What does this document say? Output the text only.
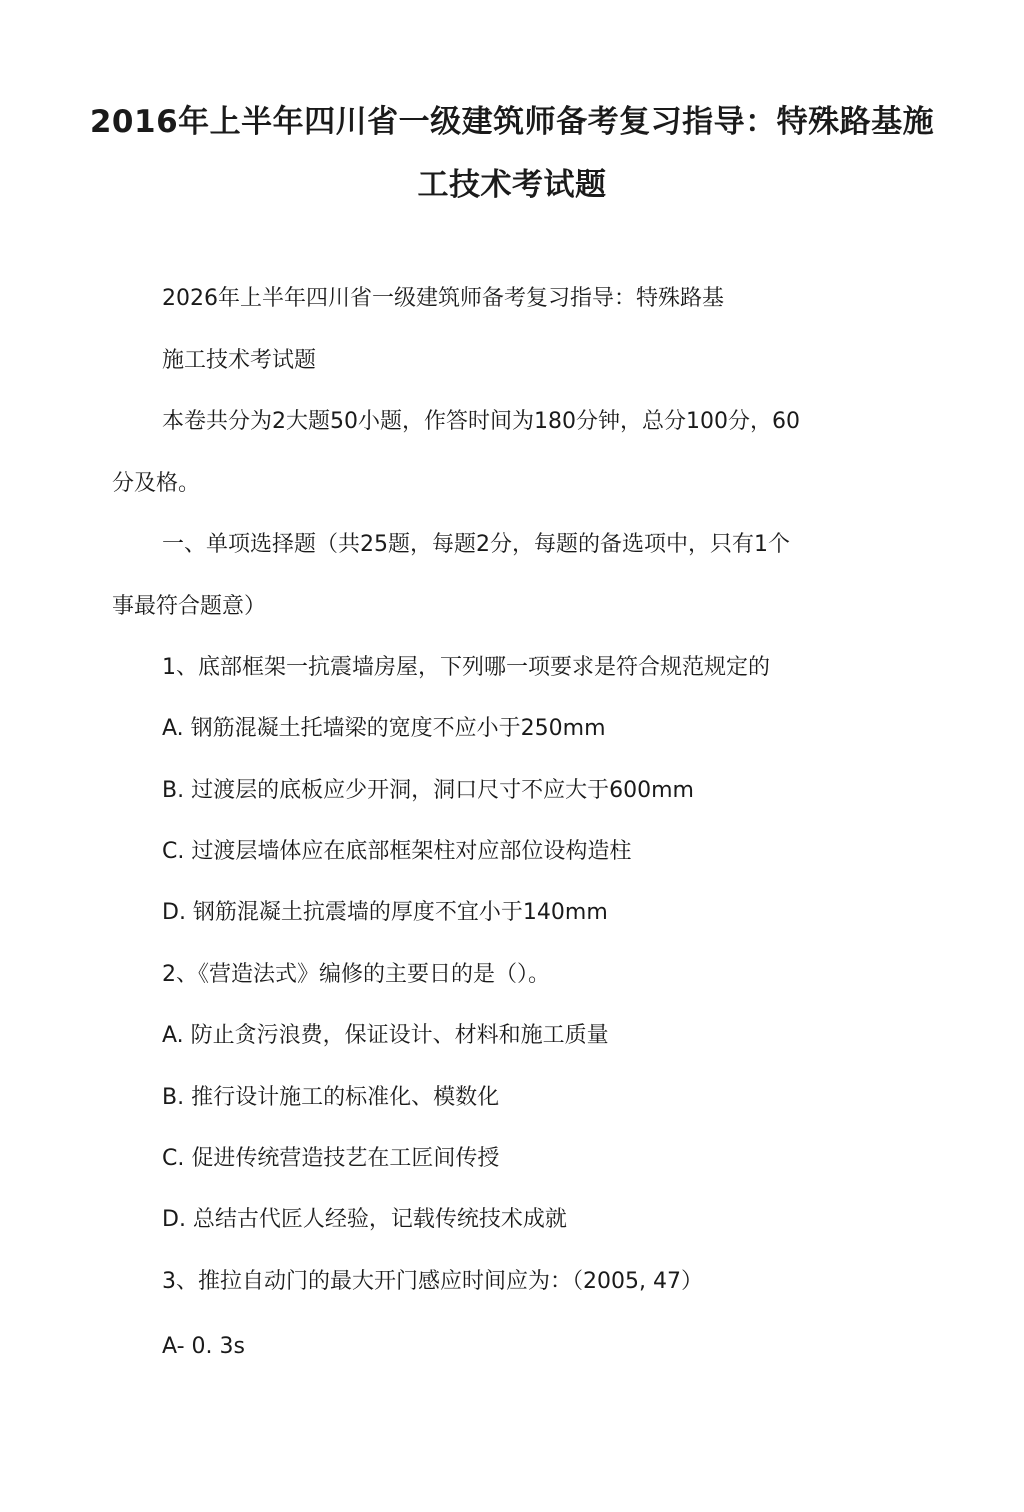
2016年上半年四川省一级建筑师备考复习指导：特殊路基施
工技术考试题

2026年上半年四川省一级建筑师备考复习指导：特殊路基

施工技术考试题

本卷共分为2大题50小题，作答时间为180分钟，总分100分，60

分及格。

一、单项选择题（共25题，每题2分，每题的备选项中，只有1个

事最符合题意）

1、底部框架一抗震墙房屋，下列哪一项要求是符合规范规定的

A. 钢筋混凝土托墙梁的宽度不应小于250mm

B. 过渡层的底板应少开洞，洞口尺寸不应大于600mm

C. 过渡层墙体应在底部框架柱对应部位设构造柱

D. 钢筋混凝土抗震墙的厚度不宜小于140mm

2、《营造法式》编修的主要日的是（）。

A. 防止贪污浪费，保证设计、材料和施工质量

B. 推行设计施工的标准化、模数化

C. 促进传统营造技艺在工匠间传授

D. 总结古代匠人经验，记载传统技术成就

3、推拉自动门的最大开门感应时间应为：（2005, 47）

A- 0. 3s
